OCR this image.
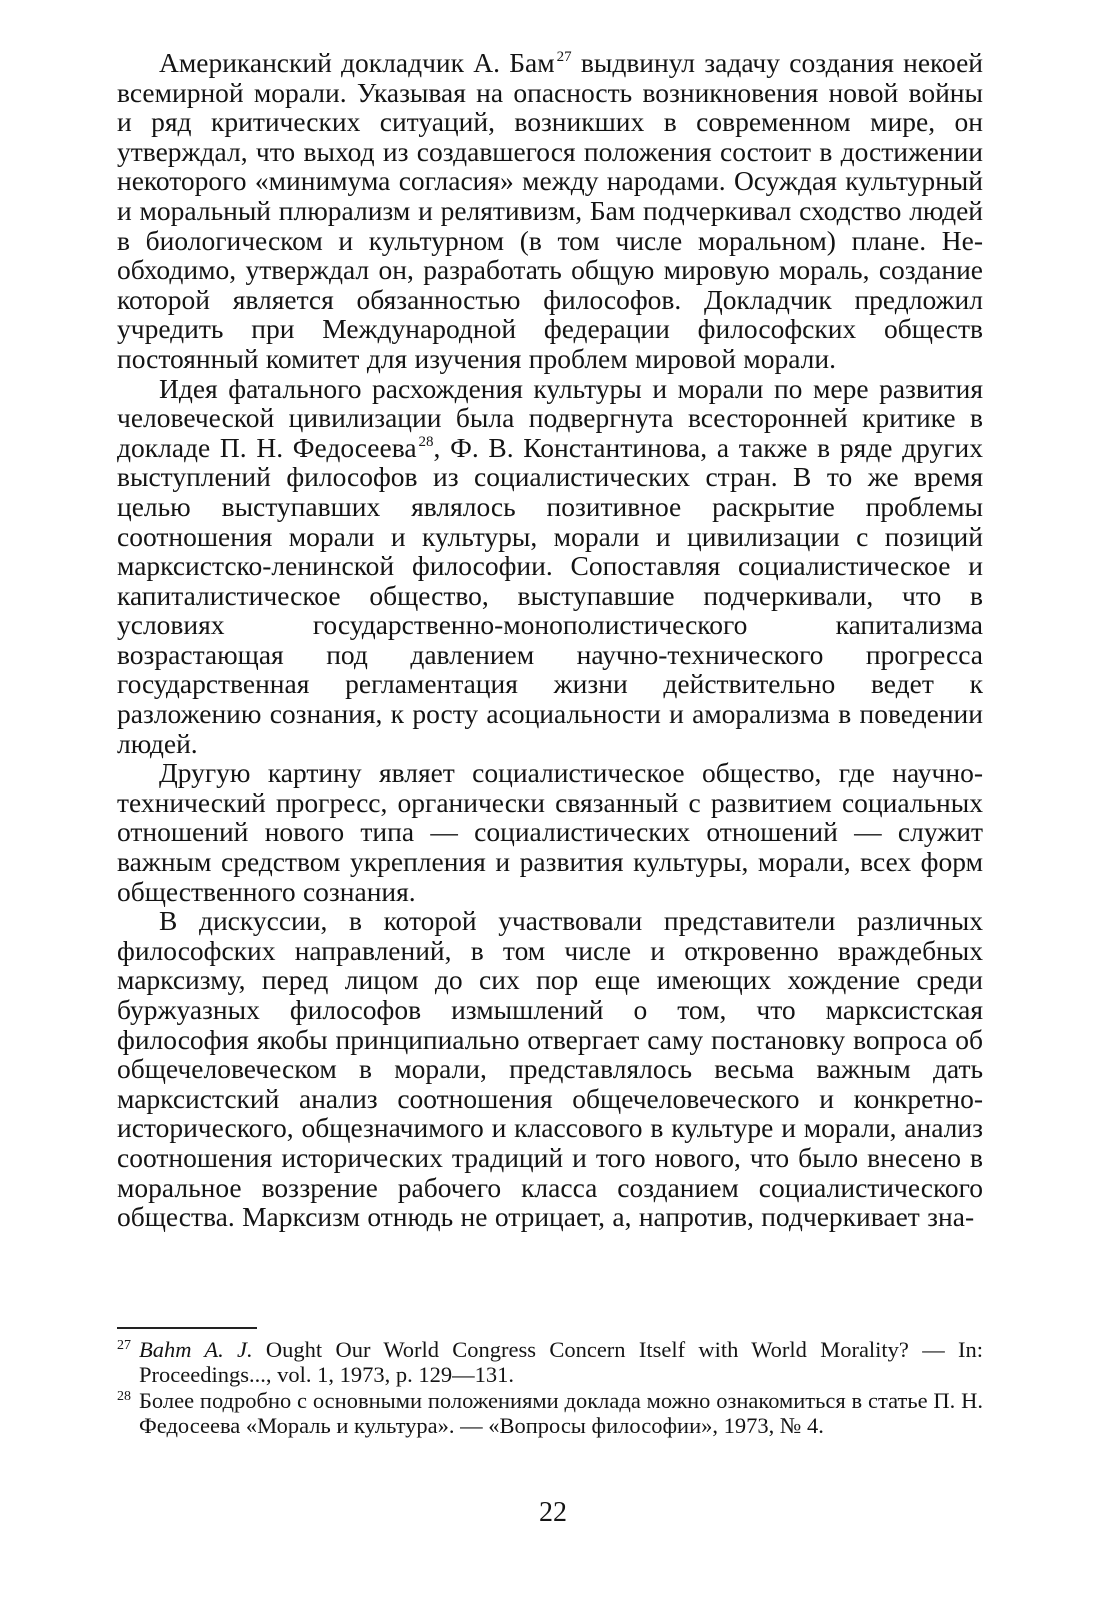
Американский докладчик А. Бам $^{27}$ выдвинул задачу создания некоей всемирной морали. Указывая на опасность возникновения новой войны и ряд критических ситуаций, возникших в современном мире, он утверждал, что выход из создавшегося положения состоит в достижении некоторого «минимума согласия» между народами. Осуждая культурный и моральный плюрализм и релятивизм, Бам подчеркивал сходство людей в биологическом и культурном (в том числе моральном) плане. Необходимо, утверждал он, разработать общую мировую мораль, создание которой является обязанностью философов. Докладчик предложил учредить при Международной федерации философских обществ постоянный комитет для изучения проблем мировой морали.

Идея фатального расхождения культуры и морали по мере развития человеческой цивилизации была подвергнута всесторонней критике в докладе П. Н. Федосеева $^{28}$, Ф. В. Константинова, а также в ряде других выступлений философов из социалистических стран. В то же время целью выступавших являлось позитивное раскрытие проблемы соотношения морали и культуры, морали и цивилизации с позиций марксистско-ленинской философии. Сопоставляя социалистическое и капиталистическое общество, выступавшие подчеркивали, что в условиях государственно-монополистического капитализма возрастающая под давлением научно-технического прогресса государственная регламентация жизни действительно ведет к разложению сознания, к росту асоциальности и аморализма в поведении людей.

Другую картину являет социалистическое общество, где научно-технический прогресс, органически связанный с развитием социальных отношений нового типа — социалистических отношений — служит важным средством укрепления и развития культуры, морали, всех форм общественного сознания.

В дискуссии, в которой участвовали представители различных философских направлений, в том числе и откровенно враждебных марксизму, перед лицом до сих пор еще имеющих хождение среди буржуазных философов измышлений о том, что марксистская философия якобы принципиально отвергает саму постановку вопроса об общечеловеческом в морали, представлялось весьма важным дать марксистский анализ соотношения общечеловеческого и конкретно-исторического, общезначимого и классового в культуре и морали, анализ соотношения исторических традиций и того нового, что было внесено в моральное воззрение рабочего класса созданием социалистического общества. Марксизм отнюдь не отрицает, а, напротив, подчеркивает зна-

27 Bahm A. J. Ought Our World Congress Concern Itself with World Morality? — In: Proceedings..., vol. 1, 1973, p. 129—131.

28 Более подробно с основными положениями доклада можно ознакомиться в статье П. Н. Федосеева «Мораль и культура». — «Вопросы философии», 1973, № 4.

22
